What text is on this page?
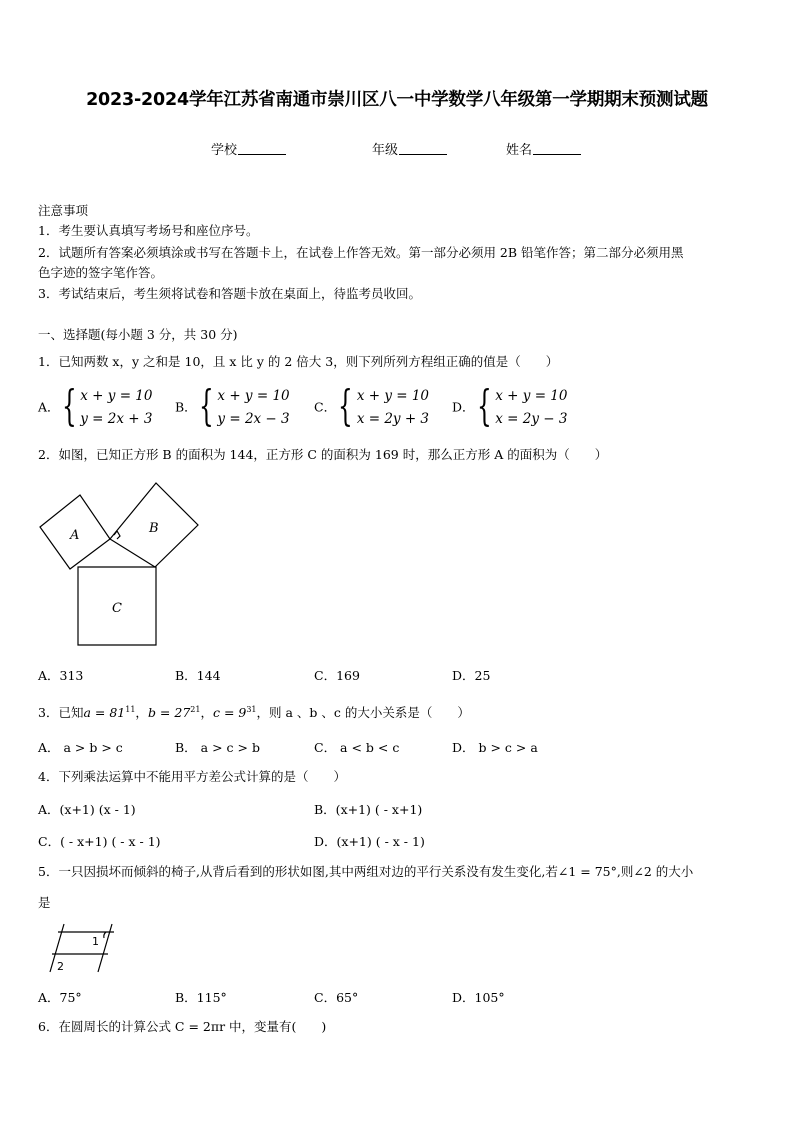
2023-2024学年江苏省南通市崇川区八一中学数学八年级第一学期期末预测试题
学校	年级	姓名
注意事项
1．考生要认真填写考场号和座位序号。
2．试题所有答案必须填涂或书写在答题卡上，在试卷上作答无效。第一部分必须用 2B 铅笔作答；第二部分必须用黑
色字迹的签字笔作答。
3．考试结束后，考生须将试卷和答题卡放在桌面上，待监考员收回。
一、选择题(每小题 3 分，共 30 分)
1．已知两数 x，y 之和是 10，且 x 比 y 的 2 倍大 3，则下列所列方程组正确的值是（　　）
A． { x + y = 10
y = 2x + 3
B． { x + y = 10
y = 2x − 3
C． { x + y = 10
x = 2y + 3
D． { x + y = 10
x = 2y − 3
2．如图，已知正方形 B 的面积为 144，正方形 C 的面积为 169 时，那么正方形 A 的面积为（　　）
A	B
C
A．313	B．144	C．169	D．25
3．已知$a = 81^{11}$，$b = 27^{21}$，$c = 9^{31}$，则 a 、b 、c 的大小关系是（　　）
A． a > b > c	B． a > c > b	C． a < b < c	D． b > c > a
4．下列乘法运算中不能用平方差公式计算的是（　　）
A．(x+1) (x - 1)	B．(x+1) ( - x+1)
C．( - x+1) ( - x - 1)	D．(x+1) ( - x - 1)
5．一只因损坏而倾斜的椅子,从背后看到的形状如图,其中两组对边的平行关系没有发生变化,若∠1 = 75°,则∠2 的大小
是
1
2
A．75°	B．115°	C．65°	D．105°
6．在圆周长的计算公式 C = 2πr 中，变量有(　　)
